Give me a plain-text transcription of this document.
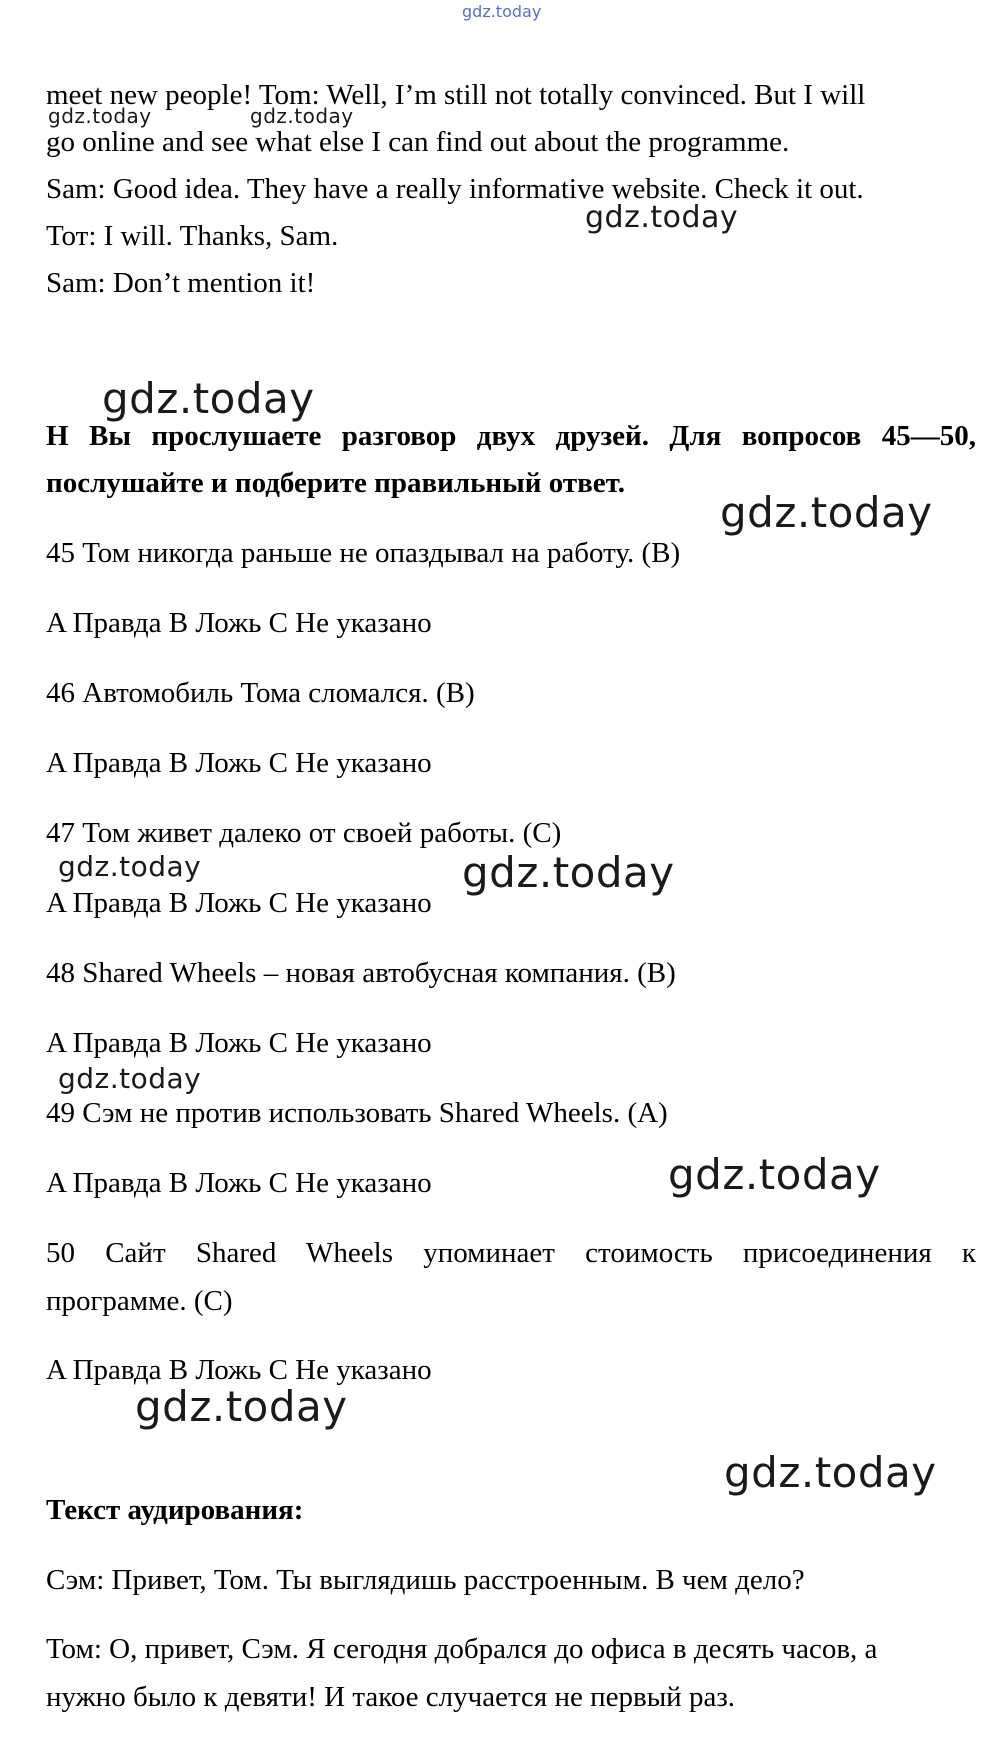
gdz.today
meet new people! Tom: Well, I’m still not totally convinced. But I will
go online and see what else I can find out about the programme.
Sam: Good idea. They have a really informative website. Check it out.
Тот: I will. Thanks, Sam.
Sam: Don’t mention it!
H Вы прослушаете разговор двух друзей. Для вопросов 45—50,
послушайте и подберите правильный ответ.
45 Том никогда раньше не опаздывал на работу. (B)
A Правда B Ложь C Не указано
46 Автомобиль Тома сломался. (B)
A Правда B Ложь C Не указано
47 Том живет далеко от своей работы. (C)
A Правда B Ложь C Не указано
48 Shared Wheels – новая автобусная компания. (B)
A Правда B Ложь C Не указано
49 Сэм не против использовать Shared Wheels. (A)
A Правда B Ложь C Не указано
50 Сайт Shared Wheels упоминает стоимость присоединения к
программе. (C)
A Правда B Ложь C Не указано
Текст аудирования:
Сэм: Привет, Том. Ты выглядишь расстроенным. В чем дело?
Том: О, привет, Сэм. Я сегодня добрался до офиса в десять часов, а
нужно было к девяти! И такое случается не первый раз.
gdz.today	gdz.today
gdz.today
gdz.today
gdz.today
gdz.today	gdz.today
gdz.today
gdz.today
gdz.today
gdz.today
